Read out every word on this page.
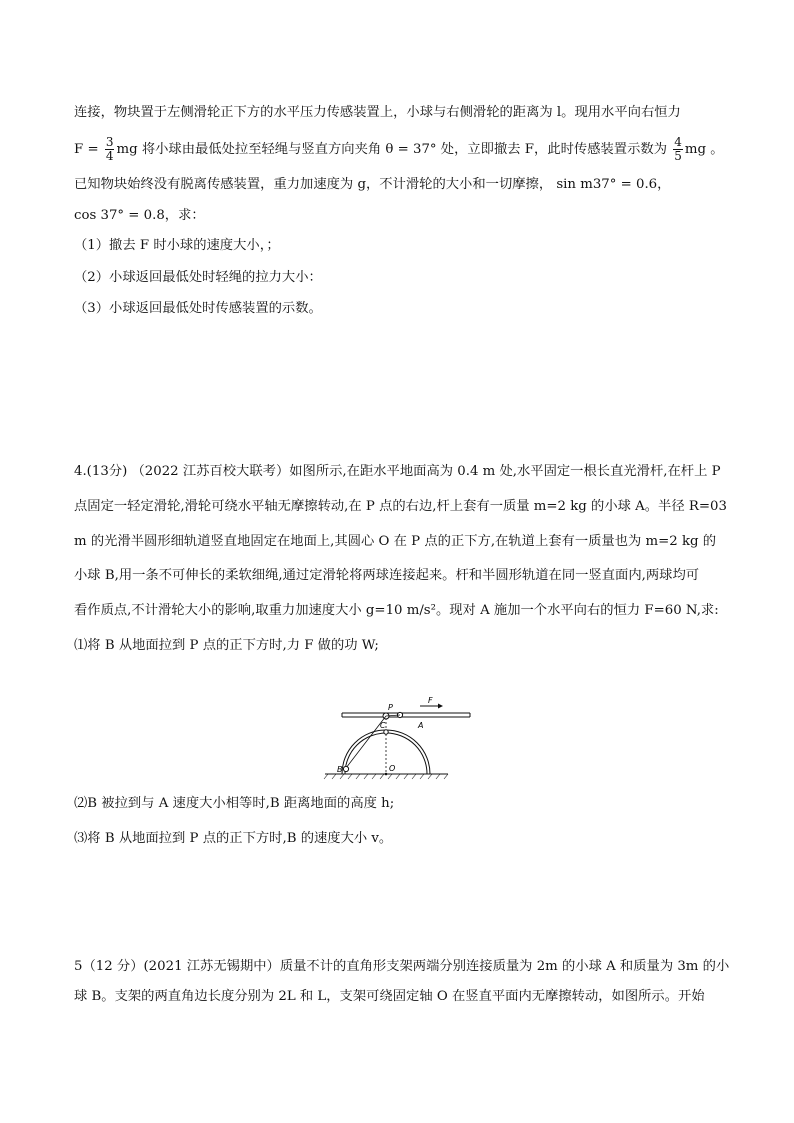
连接，物块置于左侧滑轮正下方的水平压力传感装置上，小球与右侧滑轮的距离为 l。现用水平向右恒力
$F = \frac{3}{4}$ mg 将小球由最低处拉至轻绳与竖直方向夹角 θ = 37° 处，立即撤去 F，此时传感装置示数为 $\frac{4}{5}$ mg 。
已知物块始终没有脱离传感装置，重力加速度为 g，不计滑轮的大小和一切摩擦， sin m37° = 0.6，
cos 37° = 0.8，求：
（1）撤去 F 时小球的速度大小，；
（2）小球返回最低处时轻绳的拉力大小：
（3）小球返回最低处时传感装置的示数。
4.(13分) （2022 江苏百校大联考）如图所示,在距水平地面高为 0.4 m 处,水平固定一根长直光滑杆,在杆上 P
点固定一轻定滑轮,滑轮可绕水平轴无摩擦转动,在 P 点的右边,杆上套有一质量 m=2 kg 的小球 A。半径 R=03
m 的光滑半圆形细轨道竖直地固定在地面上,其圆心 O 在 P 点的正下方,在轨道上套有一质量也为 m=2 kg 的
小球 B,用一条不可伸长的柔软细绳,通过定滑轮将两球连接起来。杆和半圆形轨道在同一竖直面内,两球均可
看作质点,不计滑轮大小的影响,取重力加速度大小 g=10 m/s²。现对 A 施加一个水平向右的恒力 F=60 N,求:
⑴将 B 从地面拉到 P 点的正下方时,力 F 做的功 W;
F
P
A
C
B	O
⑵B 被拉到与 A 速度大小相等时,B 距离地面的高度 h;
⑶将 B 从地面拉到 P 点的正下方时,B 的速度大小 v。
5（12 分）(2021 江苏无锡期中）质量不计的直角形支架两端分别连接质量为 2m 的小球 A 和质量为 3m 的小
球 B。支架的两直角边长度分别为 2L 和 L，支架可绕固定轴 O 在竖直平面内无摩擦转动，如图所示。开始
